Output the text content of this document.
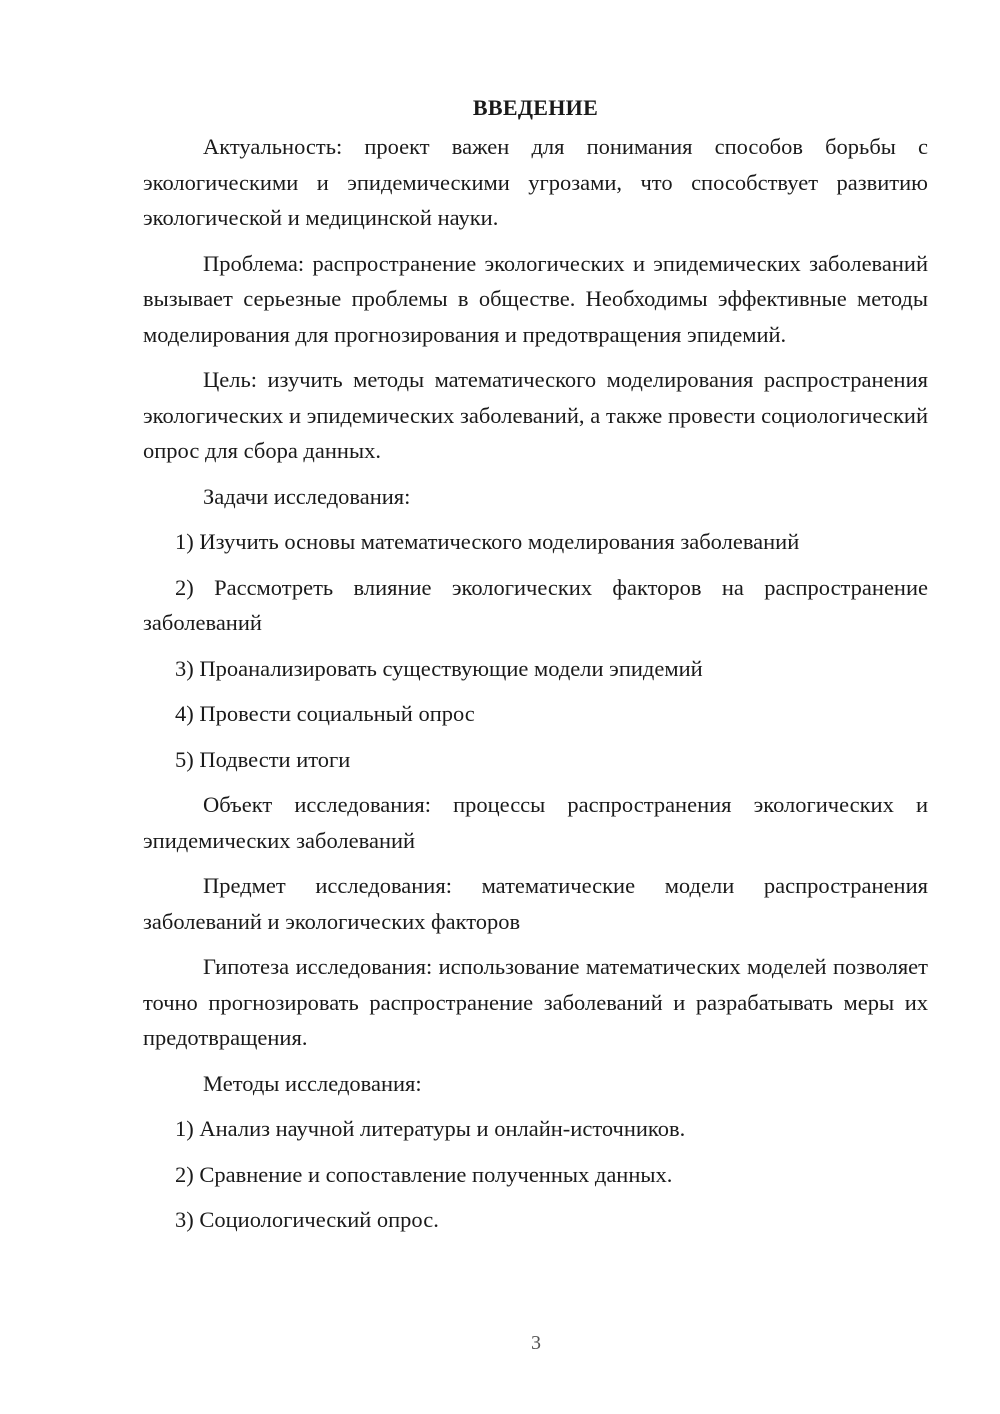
ВВЕДЕНИЕ

Актуальность: проект важен для понимания способов борьбы с экологическими и эпидемическими угрозами, что способствует развитию экологической и медицинской науки.

Проблема: распространение экологических и эпидемических заболеваний вызывает серьезные проблемы в обществе. Необходимы эффективные методы моделирования для прогнозирования и предотвращения эпидемий.

Цель: изучить методы математического моделирования распространения экологических и эпидемических заболеваний, а также провести социологический опрос для сбора данных.

Задачи исследования:

1) Изучить основы математического моделирования заболеваний

2) Рассмотреть влияние экологических факторов на распространение заболеваний

3) Проанализировать существующие модели эпидемий

4) Провести социальный опрос

5) Подвести итоги

Объект исследования: процессы распространения экологических и эпидемических заболеваний

Предмет исследования: математические модели распространения заболеваний и экологических факторов

Гипотеза исследования: использование математических моделей позволяет точно прогнозировать распространение заболеваний и разрабатывать меры их предотвращения.

Методы исследования:

1) Анализ научной литературы и онлайн-источников.

2) Сравнение и сопоставление полученных данных.

3) Социологический опрос.

3
